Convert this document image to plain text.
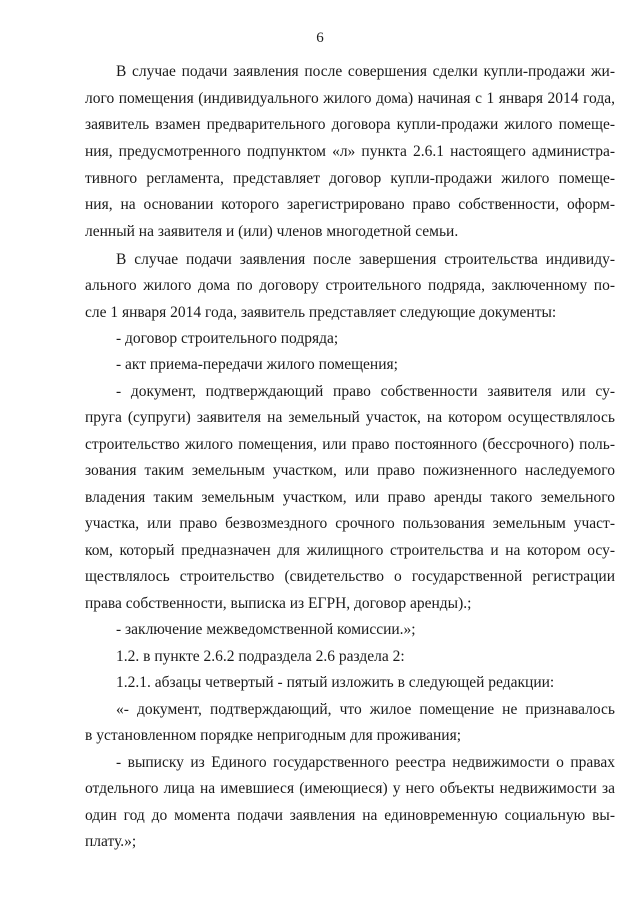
6
В случае подачи заявления после совершения сделки купли-продажи жи-
лого помещения (индивидуального жилого дома) начиная с 1 января 2014 года,
заявитель взамен предварительного договора купли-продажи жилого помеще-
ния, предусмотренного подпунктом «л» пункта 2.6.1 настоящего администра-
тивного регламента, представляет договор купли-продажи жилого помеще-
ния, на основании которого зарегистрировано право собственности, оформ-
ленный на заявителя и (или) членов многодетной семьи.
В случае подачи заявления после завершения строительства индивиду-
ального жилого дома по договору строительного подряда, заключенному по-
сле 1 января 2014 года, заявитель представляет следующие документы:
- договор строительного подряда;
- акт приема-передачи жилого помещения;
- документ, подтверждающий право собственности заявителя или су-
пруга (супруги) заявителя на земельный участок, на котором осуществлялось
строительство жилого помещения, или право постоянного (бессрочного) поль-
зования таким земельным участком, или право пожизненного наследуемого
владения таким земельным участком, или право аренды такого земельного
участка, или право безвозмездного срочного пользования земельным участ-
ком, который предназначен для жилищного строительства и на котором осу-
ществлялось строительство (свидетельство о государственной регистрации
права собственности, выписка из ЕГРН, договор аренды).;
- заключение межведомственной комиссии.»;
1.2. в пункте 2.6.2 подраздела 2.6 раздела 2:
1.2.1. абзацы четвертый - пятый изложить в следующей редакции:
«- документ, подтверждающий, что жилое помещение не признавалось
в установленном порядке непригодным для проживания;
- выписку из Единого государственного реестра недвижимости о правах
отдельного лица на имевшиеся (имеющиеся) у него объекты недвижимости за
один год до момента подачи заявления на единовременную социальную вы-
плату.»;
